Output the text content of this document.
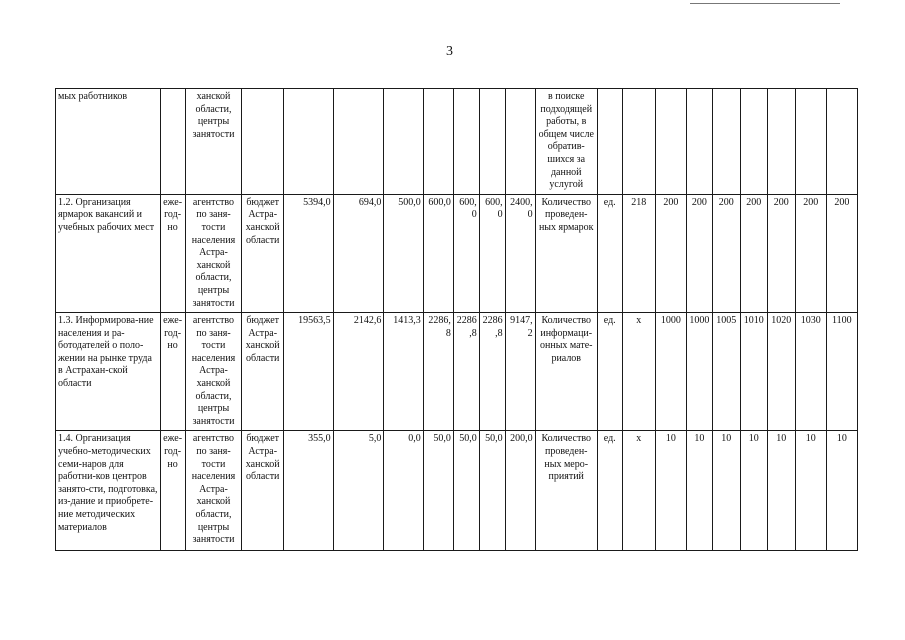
3
мых работников		ханской области, центры занятости									в поиске подходящей работы, в общем числе обратив-шихся за данной услугой									
1.2. Организация ярмарок вакансий и учебных рабочих мест	еже-год-но	агентство по заня-тости населения Астра-ханской области, центры занятости	бюджет Астра-ханской области	5394,0	694,0	500,0	600,0	600,0	600,0	2400,0	Количество проведен-ных ярмарок	ед.	218	200	200	200	200	200	200	200
1.3. Информирова-ние населения и ра-ботодателей о поло-жении на рынке труда в Астрахан-ской области	еже-год-но	агентство по заня-тости населения Астра-ханской области, центры занятости	бюджет Астра-ханской области	19563,5	2142,6	1413,3	2286,8	2286,8	2286,8	9147,2	Количество информаци-онных мате-риалов	ед.	х	1000	1000	1005	1010	1020	1030	1100
1.4. Организация учебно-методических семи-наров для работни-ков центров занято-сти, подготовка, из-дание и приобрете-ние методических материалов	еже-год-но	агентство по заня-тости населения Астра-ханской области, центры занятости	бюджет Астра-ханской области	355,0	5,0	0,0	50,0	50,0	50,0	200,0	Количество проведен-ных меро-приятий	ед.	х	10	10	10	10	10	10	10
